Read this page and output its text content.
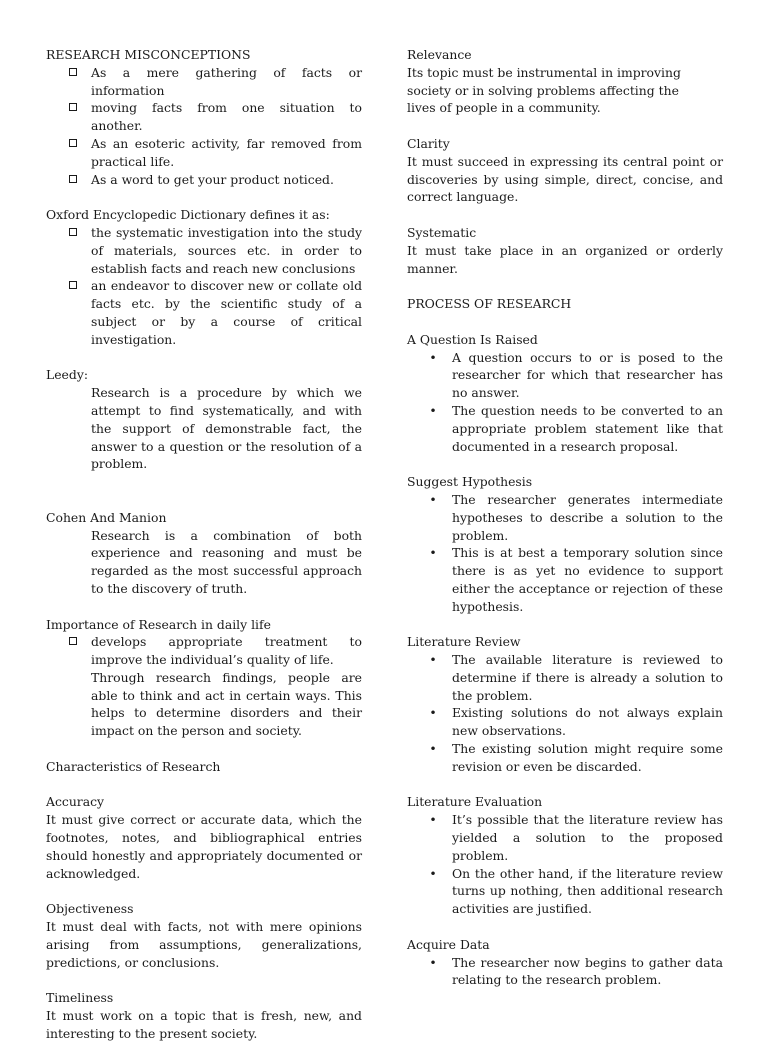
RESEARCH MISCONCEPTIONS

As a mere gathering of facts or information
moving facts from one situation to another.
As an esoteric activity, far removed from practical life.
As a word to get your product noticed.

Oxford Encyclopedic Dictionary defines it as:

the systematic investigation into the study of materials, sources etc. in order to establish facts and reach new conclusions
an endeavor to discover new or collate old facts etc. by the scientific study of a subject or by a course of critical investigation.

Leedy:

Research is a procedure by which we attempt to find systematically, and with the support of demonstrable fact, the answer to a question or the resolution of a problem.

Cohen And Manion

Research is a combination of both experience and reasoning and must be regarded as the most successful approach to the discovery of truth.

Importance of Research in daily life

develops appropriate treatment to improve the individual’s quality of life.

Through research findings, people are able to think and act in certain ways. This helps to determine disorders and their impact on the person and society.

Characteristics of Research

Accuracy

It must give correct or accurate data, which the footnotes, notes, and bibliographical entries should honestly and appropriately documented or acknowledged.

Objectiveness

It must deal with facts, not with mere opinions arising from assumptions, generalizations, predictions, or conclusions.

Timeliness

It must work on a topic that is fresh, new, and interesting to the present society.

Relevance

Its topic must be instrumental in improving society or in solving problems affecting the

lives of people in a community.

Clarity

It must succeed in expressing its central point or discoveries by using simple, direct, concise, and correct language.

Systematic

It must take place in an organized or orderly manner.

PROCESS OF RESEARCH

A Question Is Raised

• A question occurs to or is posed to the researcher for which that researcher has no answer.
• The question needs to be converted to an appropriate problem statement like that documented in a research proposal.

Suggest Hypothesis

• The researcher generates intermediate hypotheses to describe a solution to the problem.
• This is at best a temporary solution since there is as yet no evidence to support either the acceptance or rejection of these hypothesis.

Literature Review

• The available literature is reviewed to determine if there is already a solution to the problem.
• Existing solutions do not always explain new observations.
• The existing solution might require some revision or even be discarded.

Literature Evaluation

• It’s possible that the literature review has yielded a solution to the proposed problem.
• On the other hand, if the literature review turns up nothing, then additional research activities are justified.

Acquire Data

• The researcher now begins to gather data relating to the research problem.
